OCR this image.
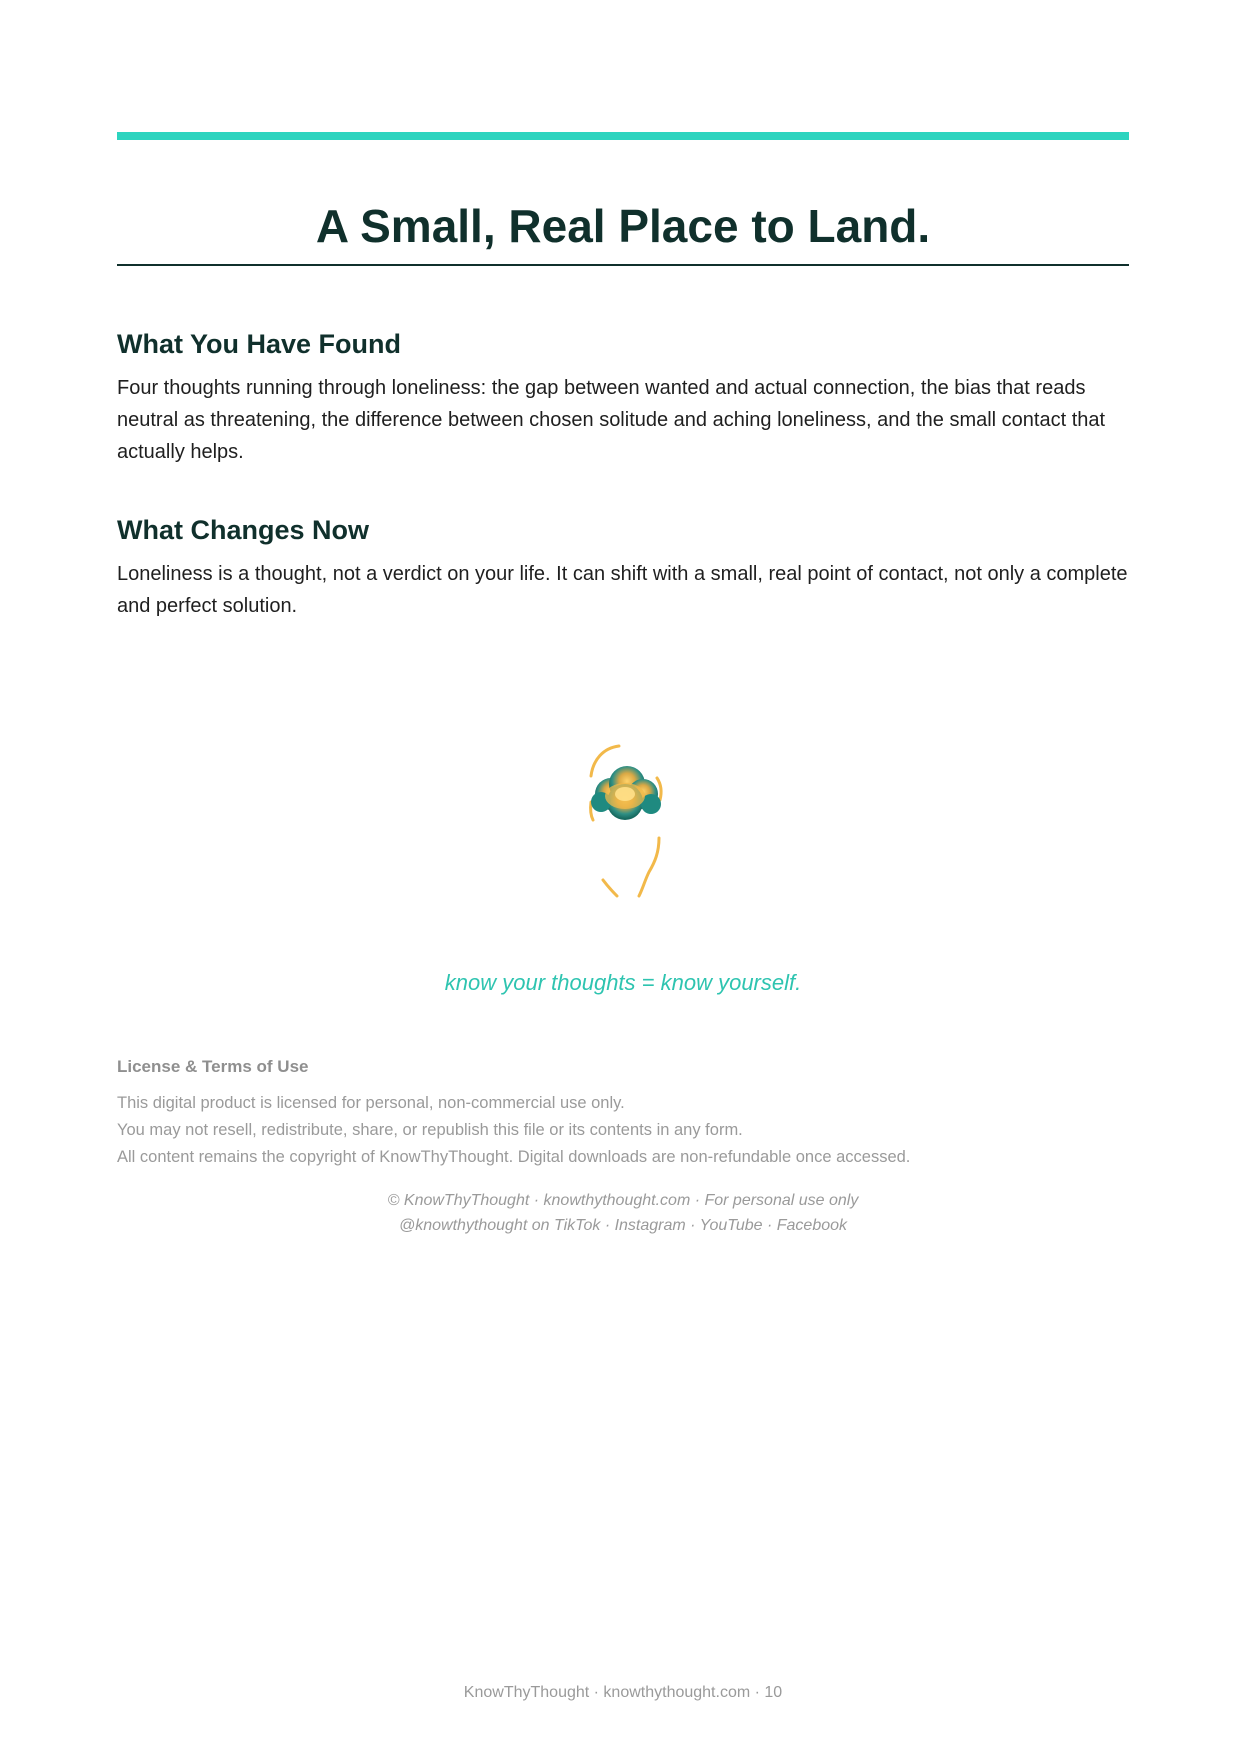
A Small, Real Place to Land.
What You Have Found

Four thoughts running through loneliness: the gap between wanted and actual connection, the bias that reads neutral as threatening, the difference between chosen solitude and aching loneliness, and the small contact that actually helps.

What Changes Now

Loneliness is a thought, not a verdict on your life. It can shift with a small, real point of contact, not only a complete and perfect solution.

know your thoughts = know yourself.

License & Terms of Use
This digital product is licensed for personal, non-commercial use only.
You may not resell, redistribute, share, or republish this file or its contents in any form.
All content remains the copyright of KnowThyThought. Digital downloads are non-refundable once accessed.
© KnowThyThought · knowthythought.com · For personal use only
@knowthythought on TikTok · Instagram · YouTube · Facebook
KnowThyThought · knowthythought.com · 10
